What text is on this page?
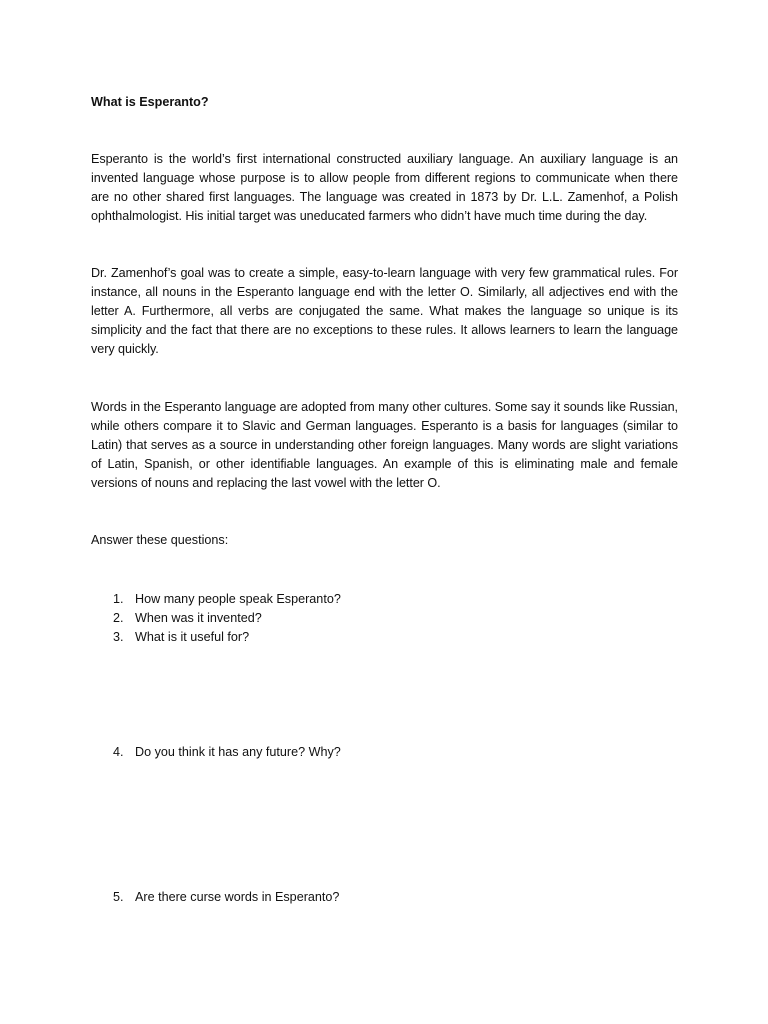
What is Esperanto?

Esperanto is the world’s first international constructed auxiliary language. An auxiliary language is an invented language whose purpose is to allow people from different regions to communicate when there are no other shared first languages. The language was created in 1873 by Dr. L.L. Zamenhof, a Polish ophthalmologist. His initial target was uneducated farmers who didn’t have much time during the day.

Dr. Zamenhof’s goal was to create a simple, easy-to-learn language with very few grammatical rules. For instance, all nouns in the Esperanto language end with the letter O. Similarly, all adjectives end with the letter A. Furthermore, all verbs are conjugated the same. What makes the language so unique is its simplicity and the fact that there are no exceptions to these rules. It allows learners to learn the language very quickly.

Words in the Esperanto language are adopted from many other cultures. Some say it sounds like Russian, while others compare it to Slavic and German languages. Esperanto is a basis for languages (similar to Latin) that serves as a source in understanding other foreign languages. Many words are slight variations of Latin, Spanish, or other identifiable languages. An example of this is eliminating male and female versions of nouns and replacing the last vowel with the letter O.

Answer these questions:

1. How many people speak Esperanto?
2. When was it invented?
3. What is it useful for?
4. Do you think it has any future? Why?
5. Are there curse words in Esperanto?
